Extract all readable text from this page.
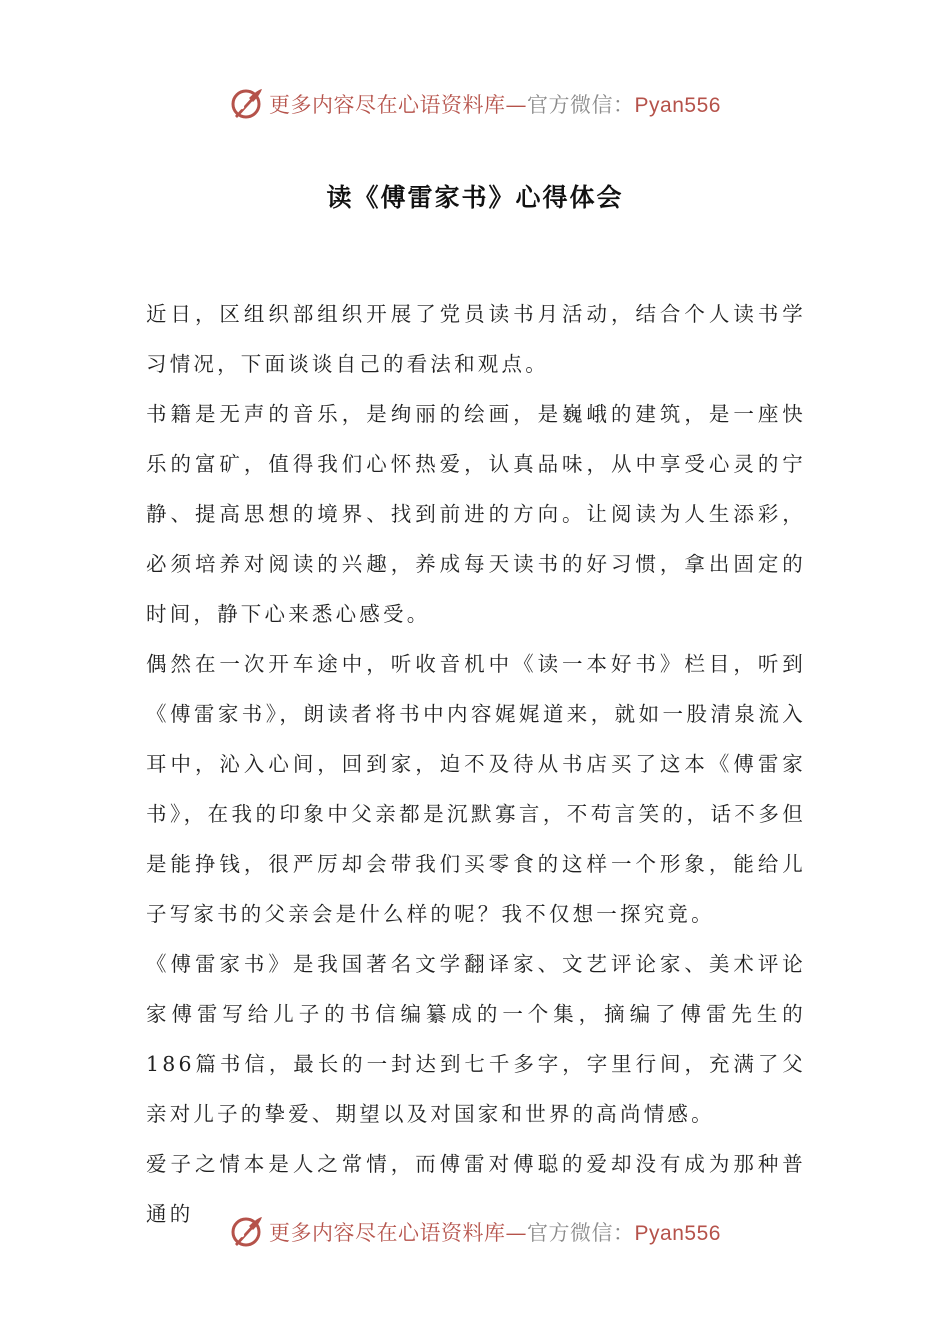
更多内容尽在心语资料库—官方微信：Pyan556
读《傅雷家书》心得体会

近日，区组织部组织开展了党员读书月活动，结合个人读书学习情况，下面谈谈自己的看法和观点。

书籍是无声的音乐，是绚丽的绘画，是巍峨的建筑，是一座快乐的富矿，值得我们心怀热爱，认真品味，从中享受心灵的宁静、提高思想的境界、找到前进的方向。让阅读为人生添彩，必须培养对阅读的兴趣，养成每天读书的好习惯，拿出固定的时间，静下心来悉心感受。

偶然在一次开车途中，听收音机中《读一本好书》栏目，听到《傅雷家书》，朗读者将书中内容娓娓道来，就如一股清泉流入耳中，沁入心间，回到家，迫不及待从书店买了这本《傅雷家书》，在我的印象中父亲都是沉默寡言，不苟言笑的，话不多但是能挣钱，很严厉却会带我们买零食的这样一个形象，能给儿子写家书的父亲会是什么样的呢？我不仅想一探究竟。

《傅雷家书》是我国著名文学翻译家、文艺评论家、美术评论家傅雷写给儿子的书信编纂成的一个集，摘编了傅雷先生的186篇书信，最长的一封达到七千多字，字里行间，充满了父亲对儿子的挚爱、期望以及对国家和世界的高尚情感。

爱子之情本是人之常情，而傅雷对傅聪的爱却没有成为那种普通的

更多内容尽在心语资料库—官方微信：Pyan556
